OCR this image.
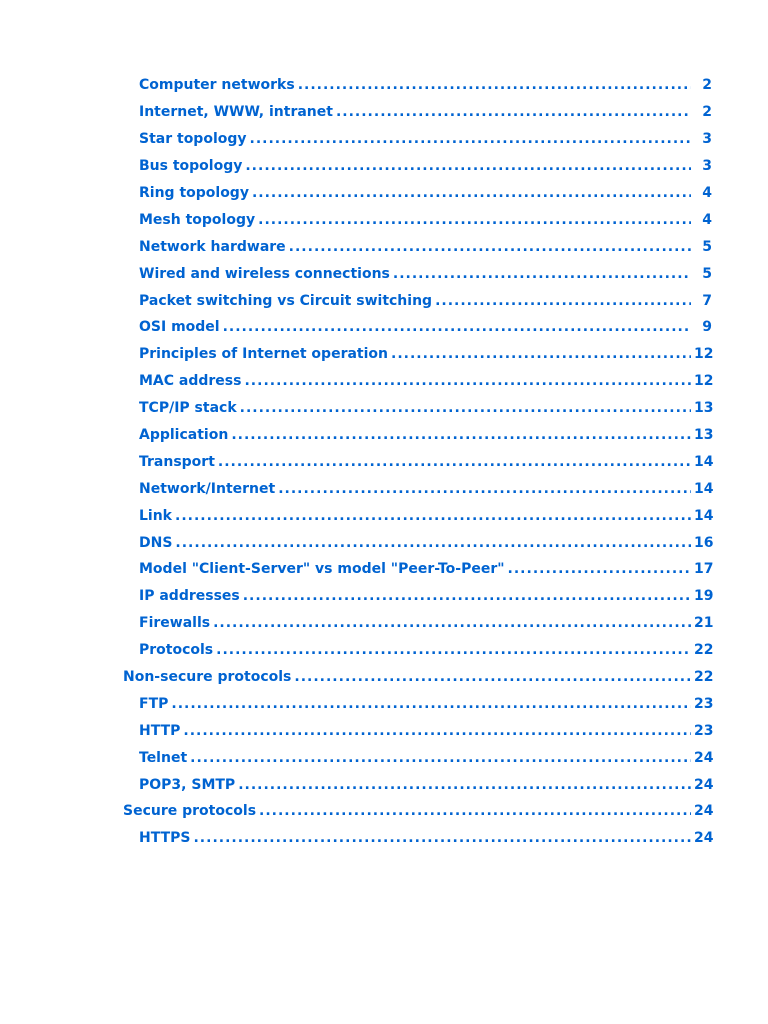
Computer networks .....	2
Internet, WWW, intranet .....	2
Star topology .....	3
Bus topology .....	3
Ring topology .....	4
Mesh topology .....	4
Network hardware .....	5
Wired and wireless connections .....	5
Packet switching vs Circuit switching .....	7
OSI model .....	9
Principles of Internet operation .....	12
MAC address .....	12
TCP/IP stack .....	13
Application .....	13
Transport .....	14
Network/Internet .....	14
Link .....	14
DNS .....	16
Model "Client-Server" vs model "Peer-To-Peer" .....	17
IP addresses .....	19
Firewalls .....	21
Protocols .....	22
Non-secure protocols .....	22
FTP .....	23
HTTP .....	23
Telnet .....	24
POP3, SMTP .....	24
Secure protocols .....	24
HTTPS .....	24
